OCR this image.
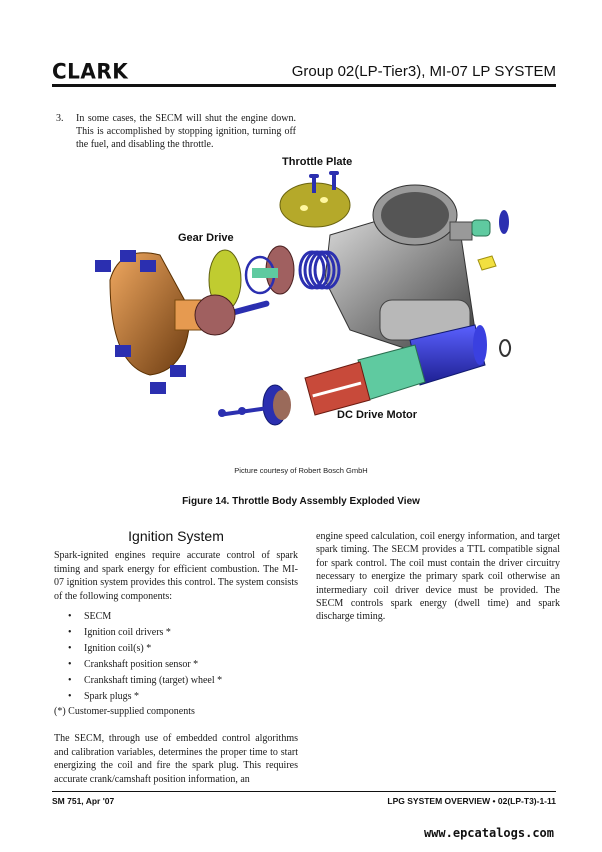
CLARK	Group 02(LP-Tier3), MI-07 LP SYSTEM
3. In some cases, the SECM will shut the engine down. This is accomplished by stopping ignition, turning off the fuel, and disabling the throttle.
Throttle Plate
Gear Drive
DC Drive Motor
Picture courtesy of Robert Bosch GmbH
Figure 14. Throttle Body Assembly Exploded View
Ignition System

Spark-ignited engines require accurate control of spark timing and spark energy for efficient combustion. The MI-07 ignition system provides this control. The system consists of the following components:

• SECM
• Ignition coil drivers *
• Ignition coil(s) *
• Crankshaft position sensor *
• Crankshaft timing (target) wheel *
• Spark plugs *

(*) Customer-supplied components

The SECM, through use of embedded control algorithms and calibration variables, determines the proper time to start energizing the coil and fire the spark plug. This requires accurate crank/camshaft position information, an

engine speed calculation, coil energy information, and target spark timing. The SECM provides a TTL compatible signal for spark control. The coil must contain the driver circuitry necessary to energize the primary spark coil otherwise an intermediary coil driver device must be provided. The SECM controls spark energy (dwell time) and spark discharge timing.

SM 751, Apr '07	LPG SYSTEM OVERVIEW • 02(LP-T3)-1-11
www.epcatalogs.com
